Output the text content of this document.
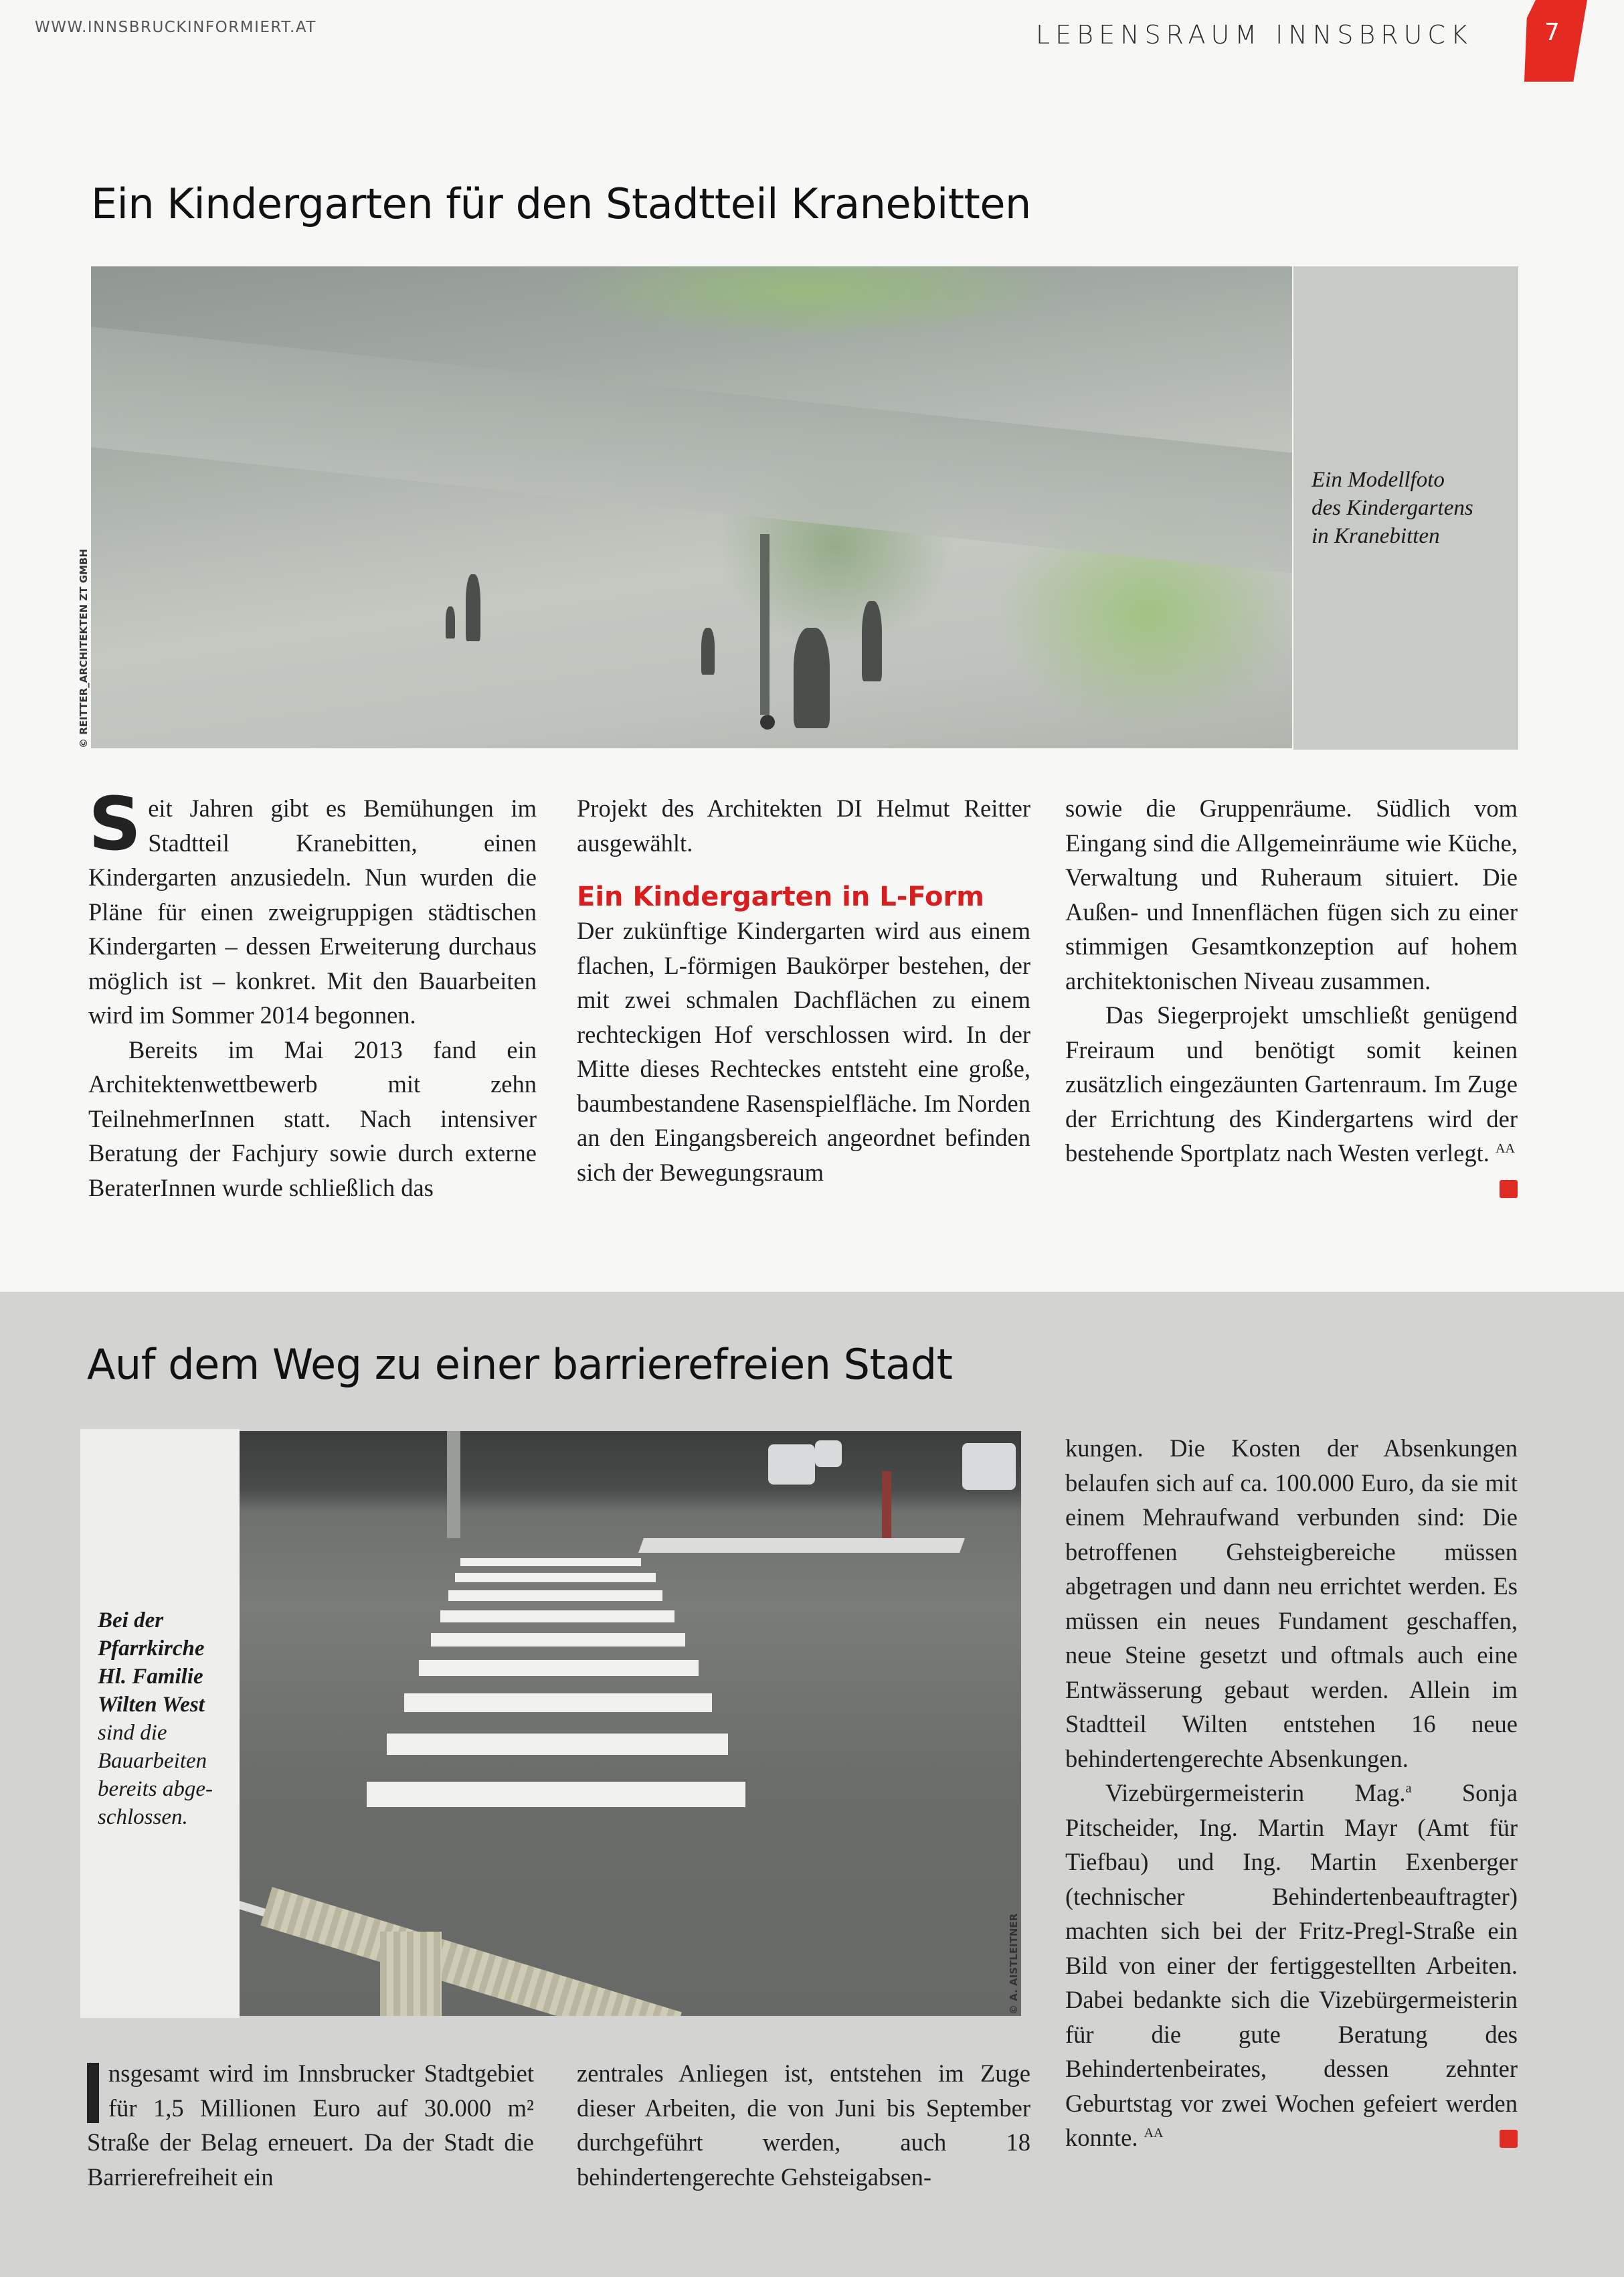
WWW.INNSBRUCKINFORMIERT.AT	LEBENSRAUM INNSBRUCK	7
Ein Kindergarten für den Stadtteil Kranebitten
Ein Modellfoto
des Kindergartens
in Kranebitten
© REITTER_ARCHITEKTEN ZT GMBH
S eit Jahren gibt es Bemühungen im Stadtteil Kranebitten, einen Kindergarten anzusiedeln. Nun wurden die Pläne für einen zweigruppigen städtischen Kindergarten – dessen Erweiterung durchaus möglich ist – konkret. Mit den Bauarbeiten wird im Sommer 2014 begonnen.

Bereits im Mai 2013 fand ein Architektenwettbewerb mit zehn TeilnehmerInnen statt. Nach intensiver Beratung der Fachjury sowie durch externe BeraterInnen wurde schließlich das

Projekt des Architekten DI Helmut Reitter ausgewählt.

Ein Kindergarten in L-Form

Der zukünftige Kindergarten wird aus einem flachen, L-förmigen Baukörper bestehen, der mit zwei schmalen Dachflächen zu einem rechteckigen Hof verschlossen wird. In der Mitte dieses Rechteckes entsteht eine große, baumbestandene Rasenspielfläche. Im Norden an den Eingangsbereich angeordnet befinden sich der Bewegungsraum

sowie die Gruppenräume. Südlich vom Eingang sind die Allgemeinräume wie Küche, Verwaltung und Ruheraum situiert. Die Außen- und Innenflächen fügen sich zu einer stimmigen Gesamtkonzeption auf hohem architektonischen Niveau zusammen.

Das Siegerprojekt umschließt genügend Freiraum und benötigt somit keinen zusätzlich eingezäunten Gartenraum. Im Zuge der Errichtung des Kindergartens wird der bestehende Sportplatz nach Westen verlegt. $^{AA}$

Auf dem Weg zu einer barrierefreien Stadt
Bei der
Pfarrkirche
Hl. Familie
Wilten West
sind die
Bauarbeiten
bereits abge-
schlossen.
© A. AISTLEITNER

nsgesamt wird im Innsbrucker Stadtgebiet für 1,5 Millionen Euro auf 30.000 m² Straße der Belag erneuert. Da der Stadt die Barrierefreiheit ein

zentrales Anliegen ist, entstehen im Zuge dieser Arbeiten, die von Juni bis September durchgeführt werden, auch 18 behindertengerechte Gehsteigabsen-

kungen. Die Kosten der Absenkungen belaufen sich auf ca. 100.000 Euro, da sie mit einem Mehraufwand verbunden sind: Die betroffenen Gehsteigbereiche müssen abgetragen und dann neu errichtet werden. Es müssen ein neues Fundament geschaffen, neue Steine gesetzt und oftmals auch eine Entwässerung gebaut werden. Allein im Stadtteil Wilten entstehen 16 neue behindertengerechte Absenkungen.

Vizebürgermeisterin Mag.$^a$ Sonja Pitscheider, Ing. Martin Mayr (Amt für Tiefbau) und Ing. Martin Exenberger (technischer Behindertenbeauftragter) machten sich bei der Fritz-Pregl-Straße ein Bild von einer der fertiggestellten Arbeiten. Dabei bedankte sich die Vizebürgermeisterin für die gute Beratung des Behindertenbeirates, dessen zehnter Geburtstag vor zwei Wochen gefeiert werden konnte. $^{AA}$
